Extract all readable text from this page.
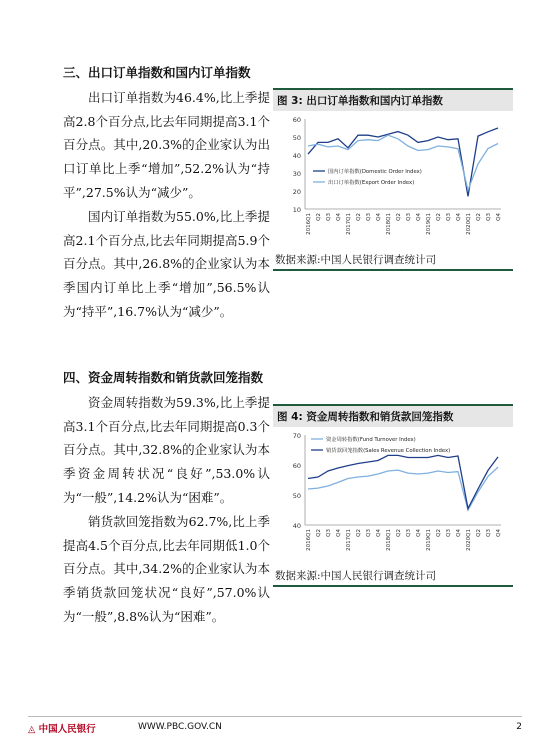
三、出口订单指数和国内订单指数

出口订单指数为46.4%,比上季提高2.8个百分点,比去年同期提高3.1个百分点。其中,20.3%的企业家认为出口订单比上季“增加”,52.2%认为“持平”,27.5%认为“减少”。

国内订单指数为55.0%,比上季提高2.1个百分点,比去年同期提高5.9个百分点。其中,26.8%的企业家认为本季国内订单比上季“增加”,56.5%认为“持平”,16.7%认为“减少”。

图 3: 出口订单指数和国内订单指数
10
20
30
40
50
60
2016Q1 Q2 Q3 Q4 2017Q1 Q2 Q3 Q4 2018Q1 Q2 Q3 Q4 2019Q1 Q2 Q3 Q4 2020Q1 Q2 Q3 Q4
国内订单指数(Domestic Order Index)
出口订单指数(Export Order Index)
数据来源:中国人民银行调查统计司
四、资金周转指数和销货款回笼指数

资金周转指数为59.3%,比上季提高3.1个百分点,比去年同期提高0.3个百分点。其中,32.8%的企业家认为本季资金周转状况“良好”,53.0%认为“一般”,14.2%认为“困难”。

销货款回笼指数为62.7%,比上季提高4.5个百分点,比去年同期低1.0个百分点。其中,34.2%的企业家认为本季销货款回笼状况“良好”,57.0%认为“一般”,8.8%认为“困难”。

图 4: 资金周转指数和销货款回笼指数
40
50
60
70
2016Q1 Q2 Q3 Q4 2017Q1 Q2 Q3 Q4 2018Q1 Q2 Q3 Q4 2019Q1 Q2 Q3 Q4 2020Q1 Q2 Q3 Q4
资金周转指数(Fund Turnover Index)
销货款回笼指数(Sales Revenue Collection Index)
数据来源:中国人民银行调查统计司
◬ 中国人民银行	WWW.PBC.GOV.CN	2
